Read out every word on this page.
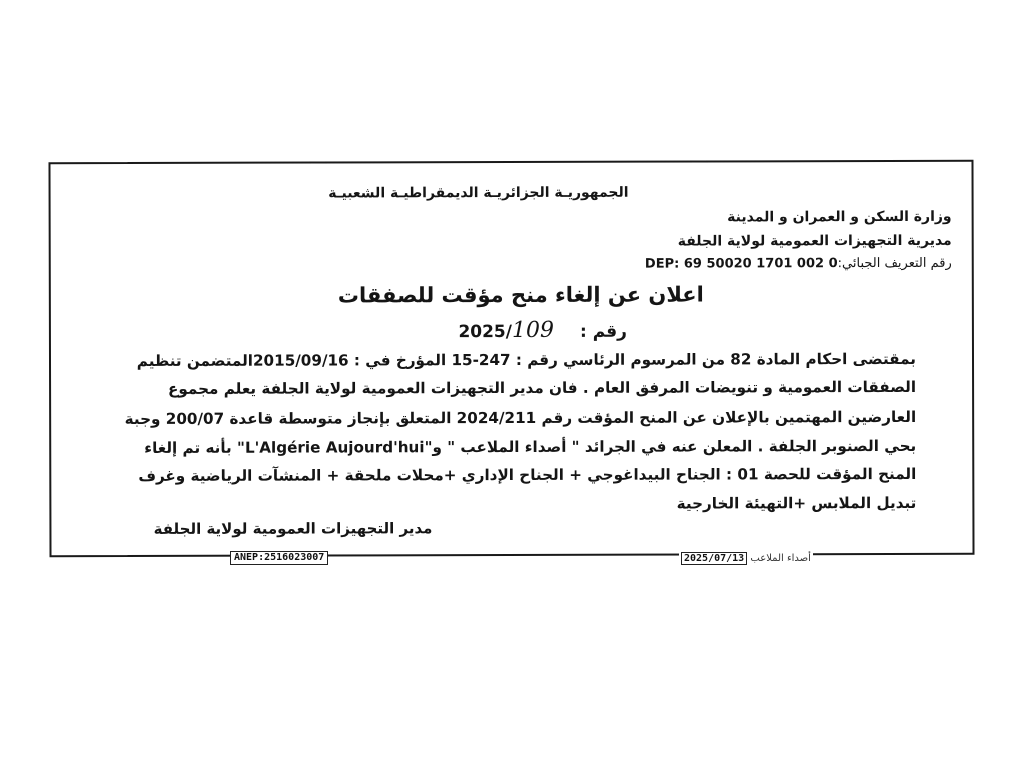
الجمهوريـة الجزائريـة الديمقراطيـة الشعبيـة
وزارة السكن و العمران و المدينة
مديرية التجهيزات العمومية لولاية الجلفة
رقم التعريف الجبائي:DEP: 69 50020 1701 002 0
اعلان عن إلغاء منح مؤقت للصفقات
رقم :2025/109
بمقتضى احكام المادة 82 من المرسوم الرئاسي رقم : 247-15 المؤرخ في : 2015/09/16المتضمن تنظيم
الصفقات العمومية و تنويضات المرفق العام . فان مدير التجهيزات العمومية لولاية الجلفة يعلم مجموع
العارضين المهتمين بالإعلان عن المنح المؤقت رقم 2024/211 المتعلق بإنجاز متوسطة قاعدة 200/07 وجبة
بحي الصنوبر الجلفة . المعلن عنه في الجرائد " أصداء الملاعب " و"L'Algérie Aujourd'hui" بأنه تم إلغاء
المنح المؤقت للحصة 01 : الجناح البيداغوجي + الجناح الإداري +محلات ملحقة + المنشآت الرياضية وغرف
تبديل الملابس +التهيئة الخارجية
مدير التجهيزات العمومية لولاية الجلفة
ANEP:2516023007	2025/07/13 أصداء الملاعب
